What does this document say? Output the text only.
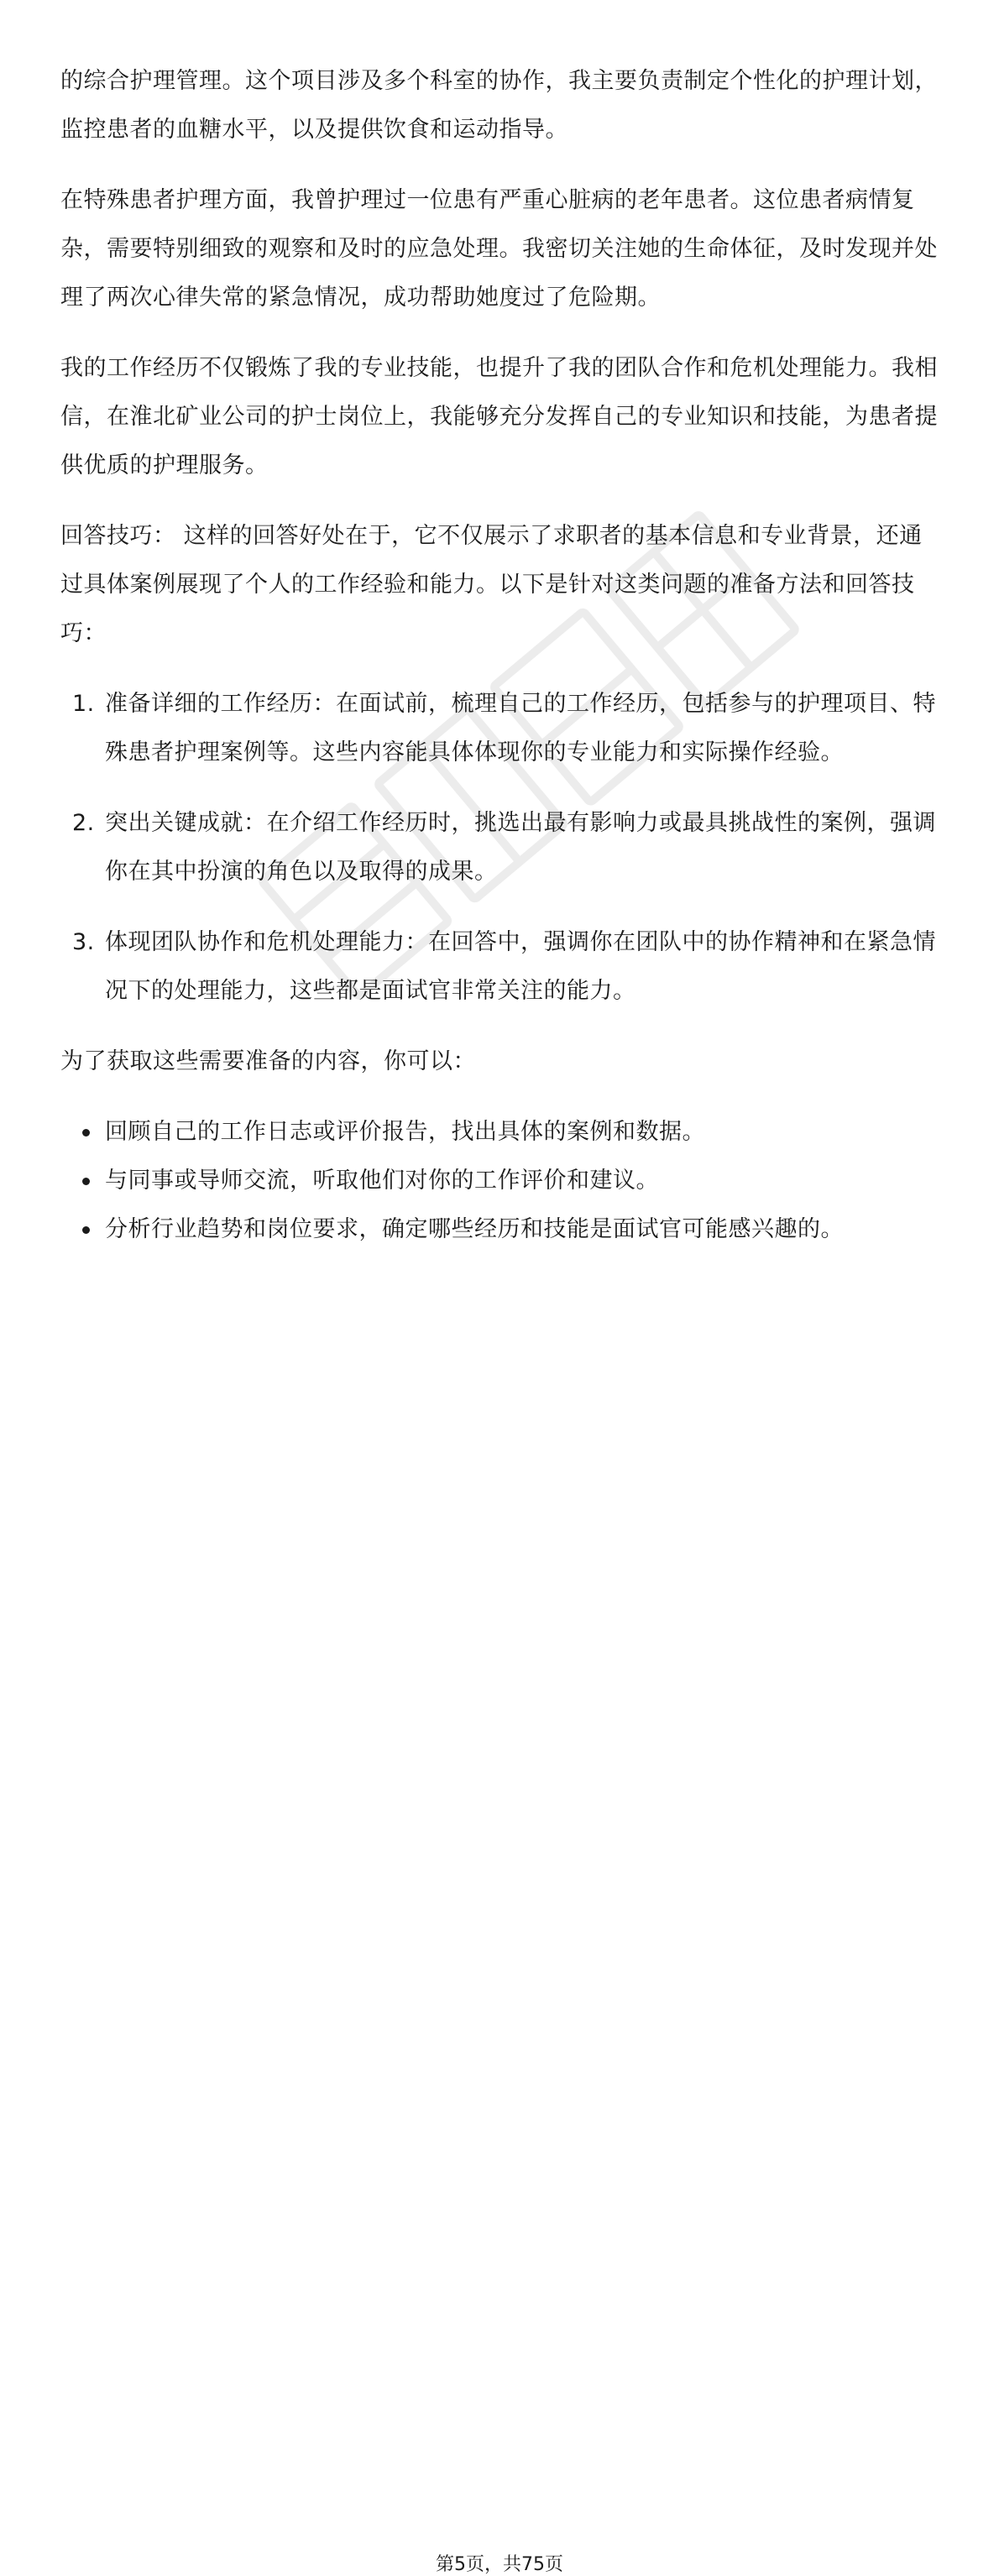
的综合护理管理。这个项目涉及多个科室的协作，我主要负责制定个性化的护理计划，监控患者的血糖水平，以及提供饮食和运动指导。

在特殊患者护理方面，我曾护理过一位患有严重心脏病的老年患者。这位患者病情复杂，需要特别细致的观察和及时的应急处理。我密切关注她的生命体征，及时发现并处理了两次心律失常的紧急情况，成功帮助她度过了危险期。

我的工作经历不仅锻炼了我的专业技能，也提升了我的团队合作和危机处理能力。我相信，在淮北矿业公司的护士岗位上，我能够充分发挥自己的专业知识和技能，为患者提供优质的护理服务。

回答技巧： 这样的回答好处在于，它不仅展示了求职者的基本信息和专业背景，还通过具体案例展现了个人的工作经验和能力。以下是针对这类问题的准备方法和回答技巧：

1. 准备详细的工作经历：在面试前，梳理自己的工作经历，包括参与的护理项目、特殊患者护理案例等。这些内容能具体体现你的专业能力和实际操作经验。
2. 突出关键成就：在介绍工作经历时，挑选出最有影响力或最具挑战性的案例，强调你在其中扮演的角色以及取得的成果。
3. 体现团队协作和危机处理能力：在回答中，强调你在团队中的协作精神和在紧急情况下的处理能力，这些都是面试官非常关注的能力。

为了获取这些需要准备的内容，你可以：

回顾自己的工作日志或评价报告，找出具体的案例和数据。
与同事或导师交流，听取他们对你的工作评价和建议。
分析行业趋势和岗位要求，确定哪些经历和技能是面试官可能感兴趣的。
第5页，共75页
